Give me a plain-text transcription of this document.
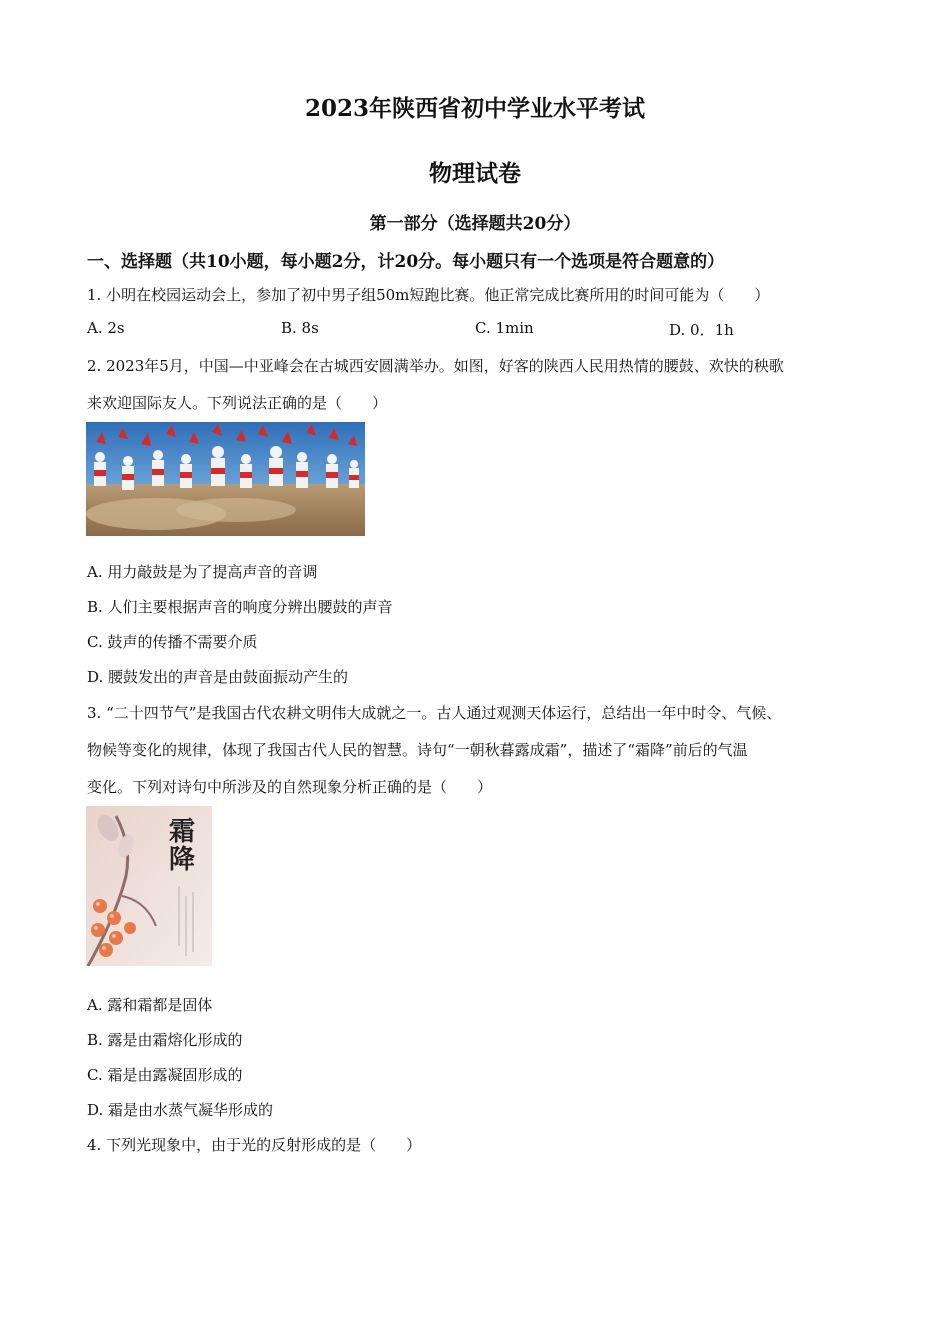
2023年陕西省初中学业水平考试
物理试卷
第一部分（选择题共20分）
一、选择题（共10小题，每小题2分，计20分。每小题只有一个选项是符合题意的）
1. 小明在校园运动会上，参加了初中男子组50m短跑比赛。他正常完成比赛所用的时间可能为（　　）
A. 2s	B. 8s	C. 1min	D. 0．1h
2. 2023年5月，中国—中亚峰会在古城西安圆满举办。如图，好客的陕西人民用热情的腰鼓、欢快的秧歌
来欢迎国际友人。下列说法正确的是（　　）
A. 用力敲鼓是为了提高声音的音调
B. 人们主要根据声音的响度分辨出腰鼓的声音
C. 鼓声的传播不需要介质
D. 腰鼓发出的声音是由鼓面振动产生的
3. “二十四节气”是我国古代农耕文明伟大成就之一。古人通过观测天体运行，总结出一年中时令、气候、
物候等变化的规律，体现了我国古代人民的智慧。诗句“一朝秋暮露成霜”，描述了“霜降”前后的气温
变化。下列对诗句中所涉及的自然现象分析正确的是（　　）
霜降
A. 露和霜都是固体
B. 露是由霜熔化形成的
C. 霜是由露凝固形成的
D. 霜是由水蒸气凝华形成的
4. 下列光现象中，由于光的反射形成的是（　　）
